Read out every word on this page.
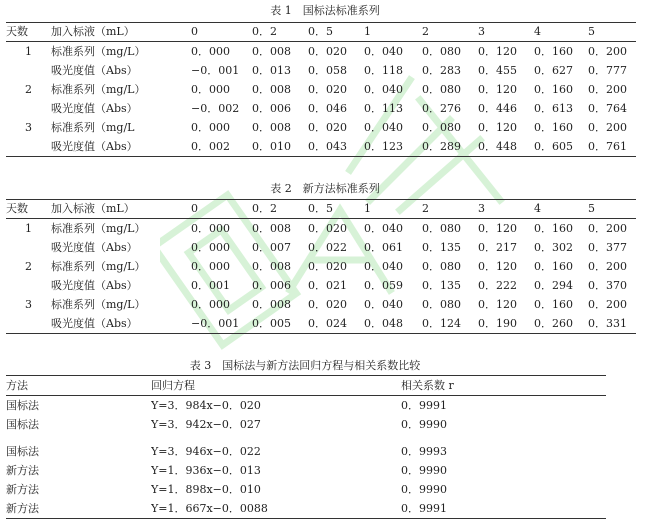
表 1　国标法标准系列
天数	加入标液（mL）	0	0．2	0．5	1	2	3	4	5
1	标准系列（mg/L）	0．000	0．008	0．020	0．040	0．080	0．120	0．160	0．200
	吸光度值（Abs）	−0．001	0．013	0．058	0．118	0．283	0．455	0．627	0．777
2	标准系列（mg/L）	0．000	0．008	0．020	0．040	0．080	0．120	0．160	0．200
	吸光度值（Abs）	−0．002	0．006	0．046	0．113	0．276	0．446	0．613	0．764
3	标准系列（mg/L	0．000	0．008	0．020	0．040	0．080	0．120	0．160	0．200
	吸光度值（Abs）	0．002	0．010	0．043	0．123	0．289	0．448	0．605	0．761
表 2　新方法标准系列
天数	加入标液（mL）	0	0．2	0．5	1	2	3	4	5
1	标准系列（mg/L）	0．000	0．008	0．020	0．040	0．080	0．120	0．160	0．200
	吸光度值（Abs）	0．000	0．007	0．022	0．061	0．135	0．217	0．302	0．377
2	标准系列（mg/L）	0．000	0．008	0．020	0．040	0．080	0．120	0．160	0．200
	吸光度值（Abs）	0．001	0．006	0．021	0．059	0．135	0．222	0．294	0．370
3	标准系列（mg/L）	0．000	0．008	0．020	0．040	0．080	0．120	0．160	0．200
	吸光度值（Abs）	−0．001	0．005	0．024	0．048	0．124	0．190	0．260	0．331
表 3　国标法与新方法回归方程与相关系数比较
方法	回归方程	相关系数 r
国标法	Y=3．984x−0．020	0．9991
国标法	Y=3．942x−0．027	0．9990

国标法	Y=3．946x−0．022	0．9993
新方法	Y=1．936x−0．013	0．9990
新方法	Y=1．898x−0．010	0．9990
新方法	Y=1．667x−0．0088	0．9991
